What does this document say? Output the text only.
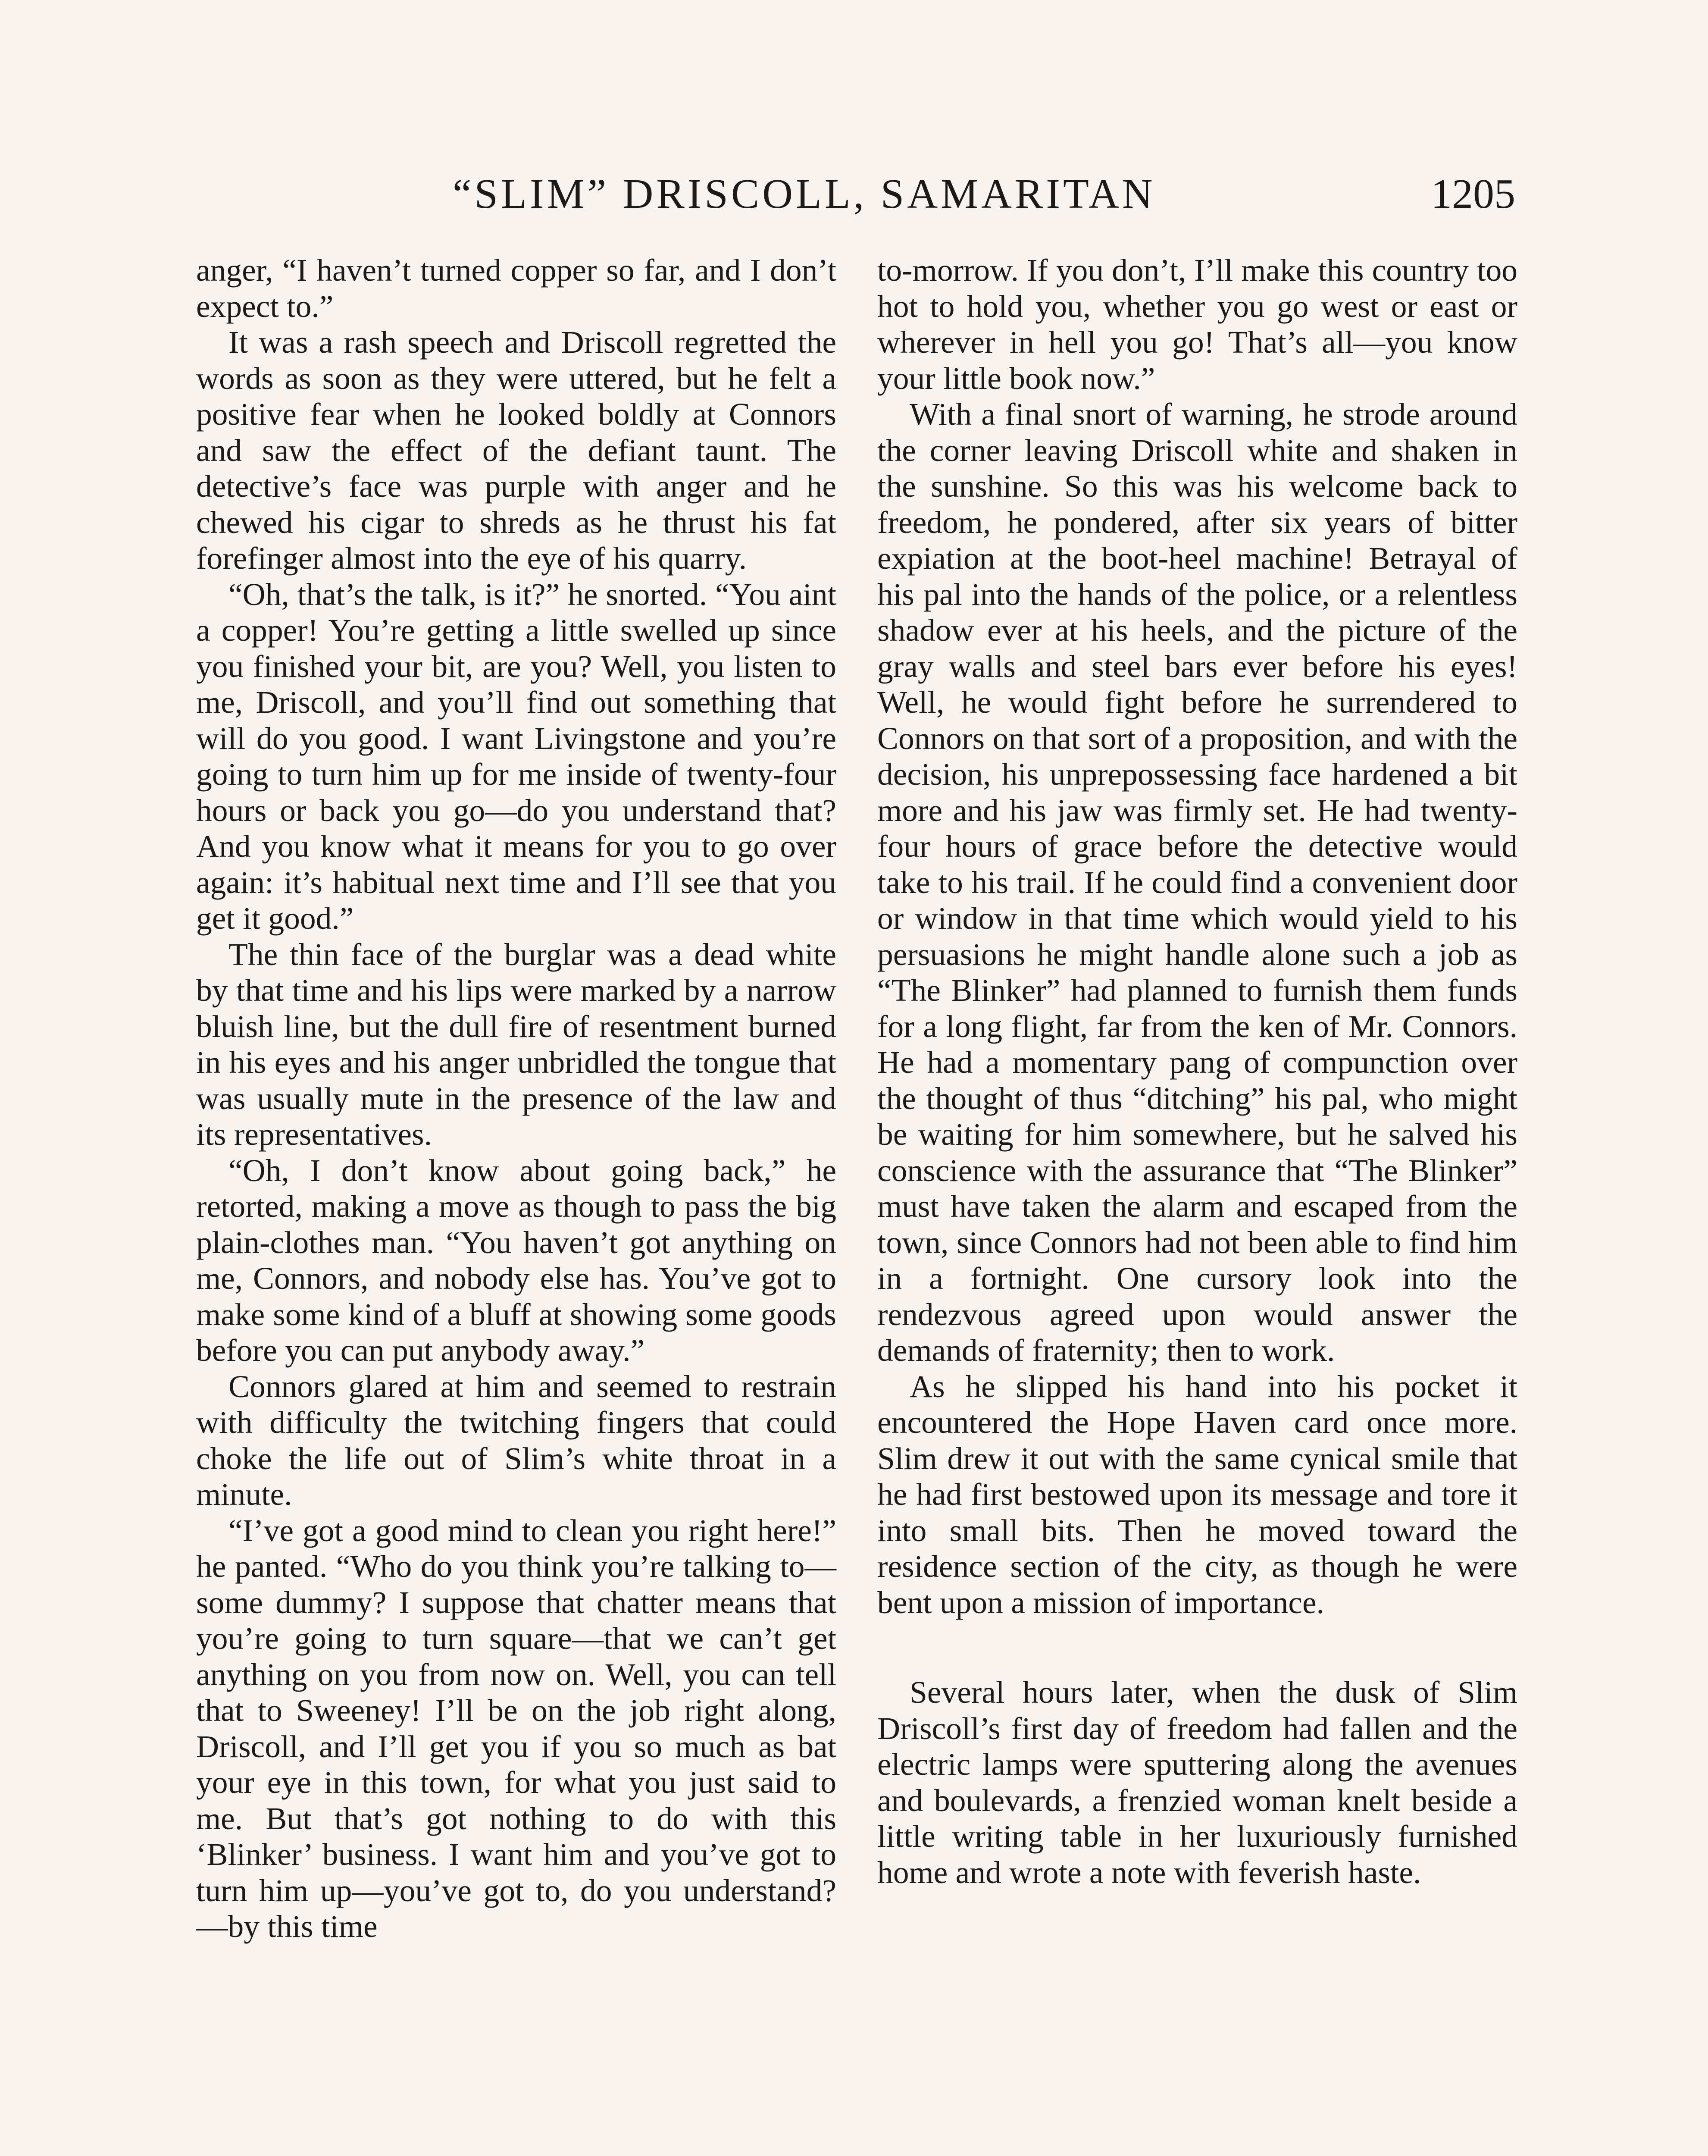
“SLIM” DRISCOLL, SAMARITAN	1205

anger, “I haven’t turned copper so far, and I don’t expect to.”

It was a rash speech and Driscoll regretted the words as soon as they were uttered, but he felt a positive fear when he looked boldly at Connors and saw the effect of the defiant taunt. The detective’s face was purple with anger and he chewed his cigar to shreds as he thrust his fat forefinger almost into the eye of his quarry.

“Oh, that’s the talk, is it?” he snorted. “You aint a copper! You’re getting a little swelled up since you finished your bit, are you? Well, you listen to me, Driscoll, and you’ll find out something that will do you good. I want Livingstone and you’re going to turn him up for me inside of twenty-four hours or back you go—do you understand that? And you know what it means for you to go over again: it’s habitual next time and I’ll see that you get it good.”

The thin face of the burglar was a dead white by that time and his lips were marked by a narrow bluish line, but the dull fire of resentment burned in his eyes and his anger unbridled the tongue that was usually mute in the presence of the law and its representatives.

“Oh, I don’t know about going back,” he retorted, making a move as though to pass the big plain-clothes man. “You haven’t got anything on me, Connors, and nobody else has. You’ve got to make some kind of a bluff at showing some goods before you can put anybody away.”

Connors glared at him and seemed to restrain with difficulty the twitching fingers that could choke the life out of Slim’s white throat in a minute.

“I’ve got a good mind to clean you right here!” he panted. “Who do you think you’re talking to—some dummy? I suppose that chatter means that you’re going to turn square—that we can’t get anything on you from now on. Well, you can tell that to Sweeney! I’ll be on the job right along, Driscoll, and I’ll get you if you so much as bat your eye in this town, for what you just said to me. But that’s got nothing to do with this ‘Blinker’ business. I want him and you’ve got to turn him up—you’ve got to, do you understand?—by this time

to-morrow. If you don’t, I’ll make this country too hot to hold you, whether you go west or east or wherever in hell you go! That’s all—you know your little book now.”

With a final snort of warning, he strode around the corner leaving Driscoll white and shaken in the sunshine. So this was his welcome back to freedom, he pondered, after six years of bitter expiation at the boot-heel machine! Betrayal of his pal into the hands of the police, or a relentless shadow ever at his heels, and the picture of the gray walls and steel bars ever before his eyes! Well, he would fight before he surrendered to Connors on that sort of a proposition, and with the decision, his unprepossessing face hardened a bit more and his jaw was firmly set. He had twenty-four hours of grace before the detective would take to his trail. If he could find a convenient door or window in that time which would yield to his persuasions he might handle alone such a job as “The Blinker” had planned to furnish them funds for a long flight, far from the ken of Mr. Connors. He had a momentary pang of compunction over the thought of thus “ditching” his pal, who might be waiting for him somewhere, but he salved his conscience with the assurance that “The Blinker” must have taken the alarm and escaped from the town, since Connors had not been able to find him in a fortnight. One cursory look into the rendezvous agreed upon would answer the demands of fraternity; then to work.

As he slipped his hand into his pocket it encountered the Hope Haven card once more. Slim drew it out with the same cynical smile that he had first bestowed upon its message and tore it into small bits. Then he moved toward the residence section of the city, as though he were bent upon a mission of importance.

Several hours later, when the dusk of Slim Driscoll’s first day of freedom had fallen and the electric lamps were sputtering along the avenues and boulevards, a frenzied woman knelt beside a little writing table in her luxuriously furnished home and wrote a note with feverish haste.
